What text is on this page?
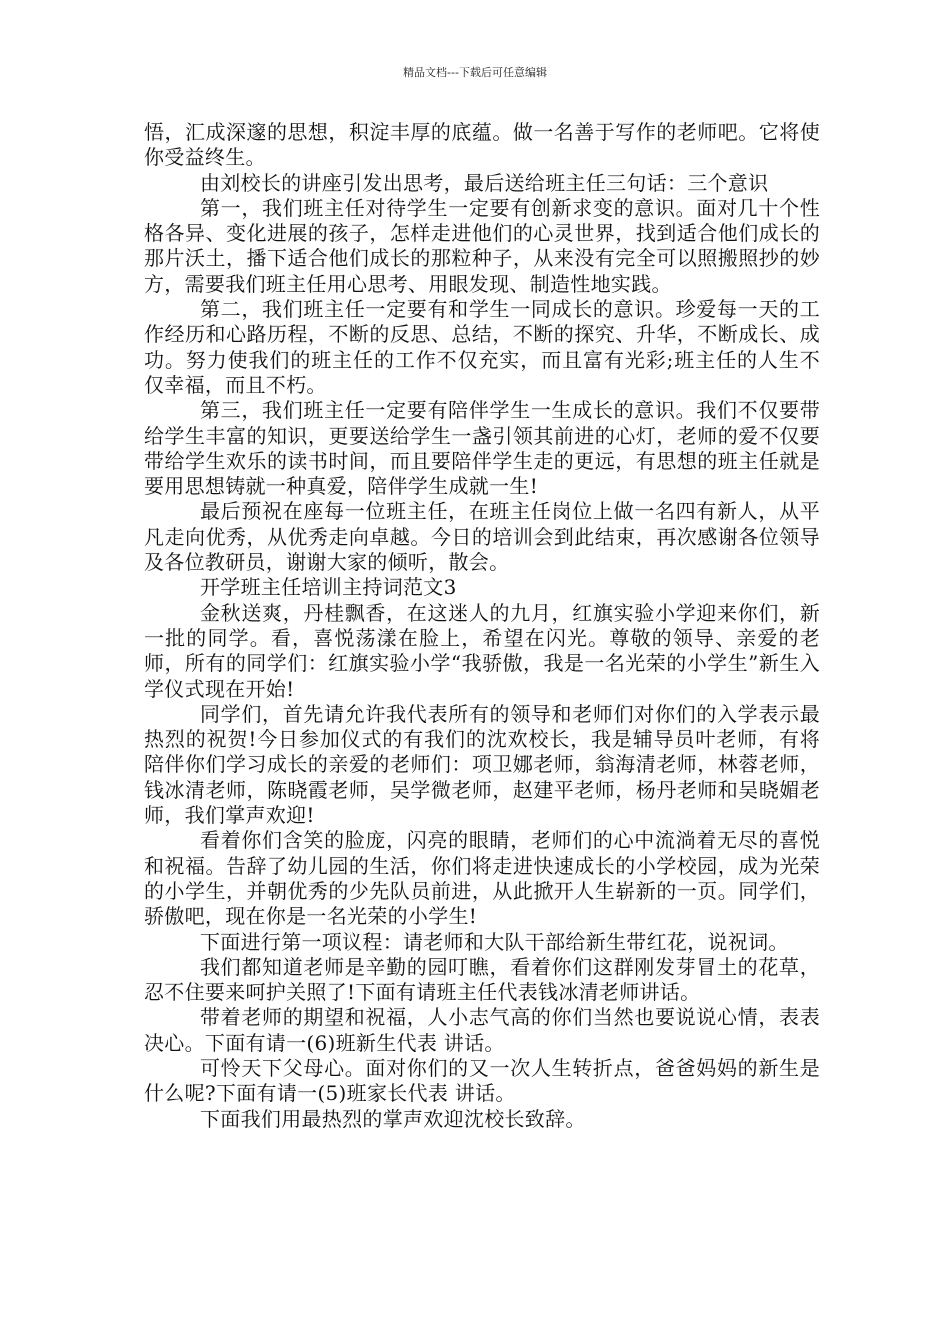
精品文档---下载后可任意编辑

悟，汇成深邃的思想，积淀丰厚的底蕴。做一名善于写作的老师吧。它将使你受益终生。

由刘校长的讲座引发出思考，最后送给班主任三句话：三个意识

第一，我们班主任对待学生一定要有创新求变的意识。面对几十个性格各异、变化进展的孩子，怎样走进他们的心灵世界，找到适合他们成长的那片沃土，播下适合他们成长的那粒种子，从来没有完全可以照搬照抄的妙方，需要我们班主任用心思考、用眼发现、制造性地实践。

第二，我们班主任一定要有和学生一同成长的意识。珍爱每一天的工作经历和心路历程，不断的反思、总结，不断的探究、升华，不断成长、成功。努力使我们的班主任的工作不仅充实，而且富有光彩;班主任的人生不仅幸福，而且不朽。

第三，我们班主任一定要有陪伴学生一生成长的意识。我们不仅要带给学生丰富的知识，更要送给学生一盏引领其前进的心灯，老师的爱不仅要带给学生欢乐的读书时间，而且要陪伴学生走的更远，有思想的班主任就是要用思想铸就一种真爱，陪伴学生成就一生!

最后预祝在座每一位班主任，在班主任岗位上做一名四有新人，从平凡走向优秀，从优秀走向卓越。今日的培训会到此结束，再次感谢各位领导及各位教研员，谢谢大家的倾听，散会。

开学班主任培训主持词范文3

金秋送爽，丹桂飘香，在这迷人的九月，红旗实验小学迎来你们，新一批的同学。看，喜悦荡漾在脸上，希望在闪光。尊敬的领导、亲爱的老师，所有的同学们：红旗实验小学“我骄傲，我是一名光荣的小学生”新生入学仪式现在开始!

同学们，首先请允许我代表所有的领导和老师们对你们的入学表示最热烈的祝贺!今日参加仪式的有我们的沈欢校长，我是辅导员叶老师，有将陪伴你们学习成长的亲爱的老师们：项卫娜老师，翁海清老师，林蓉老师，钱冰清老师，陈晓霞老师，吴学微老师，赵建平老师，杨丹老师和吴晓媚老师，我们掌声欢迎!

看着你们含笑的脸庞，闪亮的眼睛，老师们的心中流淌着无尽的喜悦和祝福。告辞了幼儿园的生活，你们将走进快速成长的小学校园，成为光荣的小学生，并朝优秀的少先队员前进，从此掀开人生崭新的一页。同学们，骄傲吧，现在你是一名光荣的小学生!

下面进行第一项议程：请老师和大队干部给新生带红花，说祝词。

我们都知道老师是辛勤的园叮瞧，看着你们这群刚发芽冒土的花草，忍不住要来呵护关照了!下面有请班主任代表钱冰清老师讲话。

带着老师的期望和祝福，人小志气高的你们当然也要说说心情，表表决心。下面有请一(6)班新生代表 讲话。

可怜天下父母心。面对你们的又一次人生转折点，爸爸妈妈的新生是什么呢?下面有请一(5)班家长代表 讲话。

下面我们用最热烈的掌声欢迎沈校长致辞。
